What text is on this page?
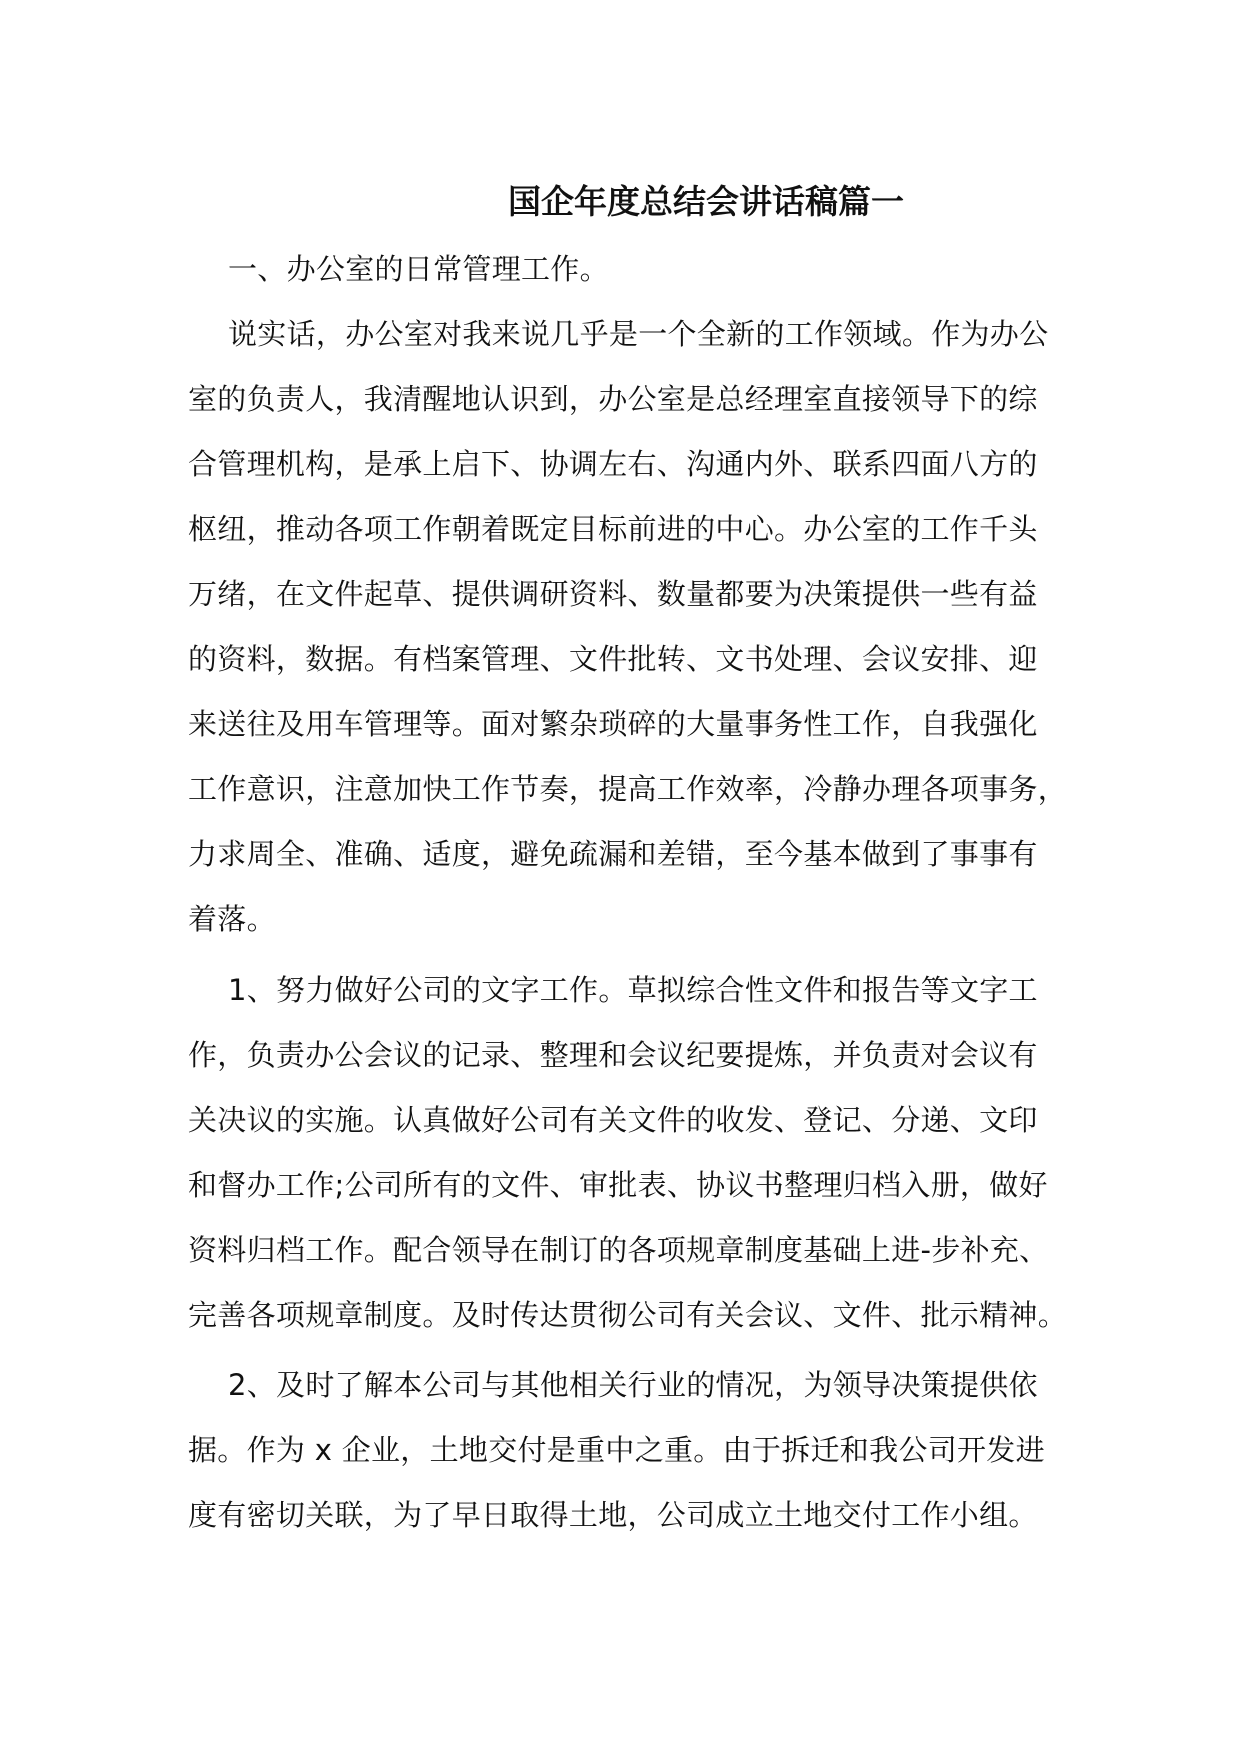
国企年度总结会讲话稿篇一
一、办公室的日常管理工作。
说实话，办公室对我来说几乎是一个全新的工作领域。作为办公
室的负责人，我清醒地认识到，办公室是总经理室直接领导下的综
合管理机构，是承上启下、协调左右、沟通内外、联系四面八方的
枢纽，推动各项工作朝着既定目标前进的中心。办公室的工作千头
万绪，在文件起草、提供调研资料、数量都要为决策提供一些有益
的资料，数据。有档案管理、文件批转、文书处理、会议安排、迎
来送往及用车管理等。面对繁杂琐碎的大量事务性工作，自我强化
工作意识，注意加快工作节奏，提高工作效率，冷静办理各项事务，
力求周全、准确、适度，避免疏漏和差错，至今基本做到了事事有
着落。
1、努力做好公司的文字工作。草拟综合性文件和报告等文字工
作，负责办公会议的记录、整理和会议纪要提炼，并负责对会议有
关决议的实施。认真做好公司有关文件的收发、登记、分递、文印
和督办工作;公司所有的文件、审批表、协议书整理归档入册，做好
资料归档工作。配合领导在制订的各项规章制度基础上进-步补充、
完善各项规章制度。及时传达贯彻公司有关会议、文件、批示精神。
2、及时了解本公司与其他相关行业的情况，为领导决策提供依
据。作为 x 企业，土地交付是重中之重。由于拆迁和我公司开发进
度有密切关联，为了早日取得土地，公司成立土地交付工作小组。
